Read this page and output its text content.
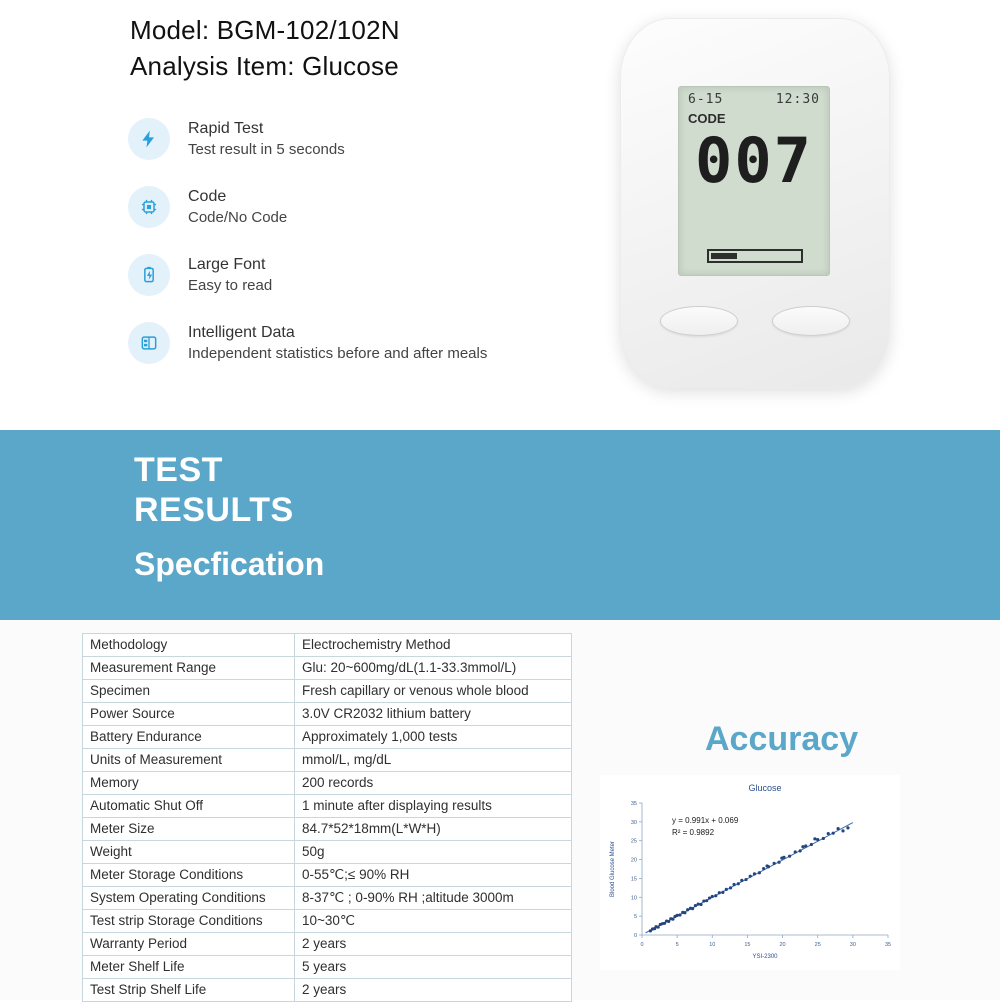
Model: BGM-102/102N
Analysis Item: Glucose
Rapid Test
Test result in 5 seconds
Code
Code/No Code
Large Font
Easy to read
Intelligent Data
Independent statistics before and after meals
6-15	12:30
CODE
007
TEST
RESULTS
Specfication
Methodology	Electrochemistry Method
Measurement Range	Glu: 20~600mg/dL(1.1-33.3mmol/L)
Specimen	Fresh capillary or venous whole blood
Power Source	3.0V CR2032 lithium battery
Battery Endurance	Approximately 1,000 tests
Units of Measurement	mmol/L, mg/dL
Memory	200 records
Automatic Shut Off	1 minute after displaying results
Meter Size	84.7*52*18mm(L*W*H)
Weight	50g
Meter Storage Conditions	0-55℃;≤ 90% RH
System Operating Conditions	8-37℃ ; 0-90% RH ;altitude 3000m
Test strip Storage Conditions	10~30℃
Warranty Period	2 years
Meter Shelf Life	5 years
Test Strip Shelf Life	2 years
Accuracy
0
0
5
5
10
10
15
15
20
20
25
25
30
30
35
35
Glucose
y = 0.991x + 0.069
R² = 0.9892
YSI-2300
Blood Glucose Meter
